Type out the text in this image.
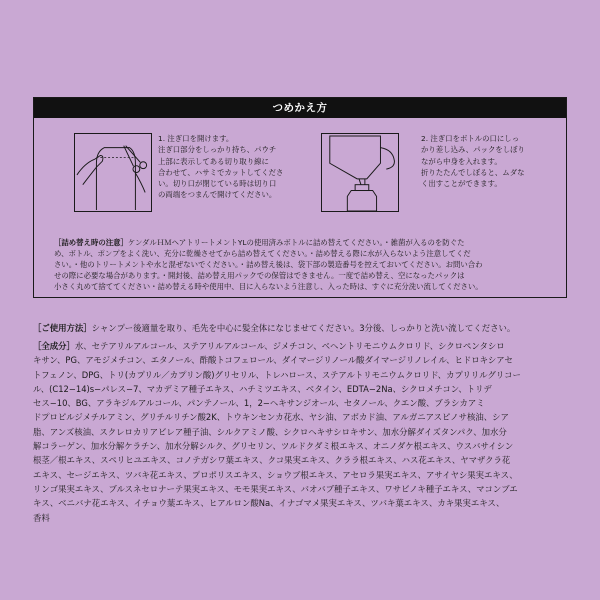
つめかえ方
1. 注ぎ口を開けます。
注ぎ口部分をしっかり持ち、パウチ
上部に表示してある切り取り線に
合わせて、ハサミでカットしてくださ
い。切り口が閉じている時は切り口
の両端をつまんで開けてください。
2. 注ぎ口をボトルの口にしっ
かり差し込み、パックをしぼり
ながら中身を入れます。
折りたたんでしぼると、ムダな
く出すことができます。
［詰め替え時の注意］ケンダルＨＭヘアトリートメントYLの使用済みボトルに詰め替えてください。・雑菌が入るのを防ぐた
め、ボトル、ポンプをよく洗い、充分に乾燥させてから詰め替えてください。・詰め替える際に水が入らないよう注意してくだ
さい。・他のトリートメントや水と混ぜないでください。・詰め替え後は、袋下部の製造番号を控えておいてください。お問い合わ
せの際に必要な場合があります。・開封後、詰め替え用パックでの保管はできません。一度で詰め替え、空になったパックは
小さく丸めて捨ててください・詰め替える時や使用中、目に入らないよう注意し、入った時は、すぐに充分洗い流してください。
［ご使用方法］シャンプー後適量を取り、毛先を中心に髪全体になじませてください。3分後、しっかりと洗い流してください。
［全成分］水、セテアリルアルコール、ステアリルアルコール、ジメチコン、ベヘントリモニウムクロリド、シクロペンタシロ
キサン、PG、アモジメチコン、エタノール、酢酸トコフェロール、ダイマージリノール酸ダイマージリノレイル、ヒドロキシアセ
トフェノン、DPG、トリ(カプリル／カプリン酸)グリセリル、トレハロース、ステアルトリモニウムクロリド、カプリリルグリコー
ル、(C12−14)s−パレス−7、マカデミア種子エキス、ハチミツエキス、ベタイン、EDTA−2Na、シクロメチコン、トリデ
セス−10、BG、アラキジルアルコール、パンテノール、1，2−ヘキサンジオール、セタノール、クエン酸、ブラシカアミ
ドプロピルジメチルアミン、グリチルリチン酸2K、トウキンセンカ花水、ヤシ油、アボカド油、アルガニアスピノサ核油、シア
脂、アンズ核油、スクレロカリアビレア種子油、シルクアミノ酸、シクロヘキサシロキサン、加水分解ダイズタンパク、加水分
解コラーゲン、加水分解ケラチン、加水分解シルク、グリセリン、ツルドクダミ根エキス、オニノダケ根エキス、ウスバサイシン
根茎／根エキス、スペリヒユエキス、コノテガシワ葉エキス、クコ果実エキス、クララ根エキス、ハス花エキス、ヤマザクラ花
エキス、セージエキス、ツバキ花エキス、プロポリスエキス、ショウブ根エキス、アセロラ果実エキス、アサイヤシ果実エキス、
リンゴ果実エキス、ブルスネセロナーテ果実エキス、モモ果実エキス、バオバブ種子エキス、ワサビノキ種子エキス、マコンブエ
キス、ベニバナ花エキス、イチョウ葉エキス、ヒアルロン酸Na、イナゴマメ果実エキス、ツバキ葉エキス、カキ果実エキス、
香料
